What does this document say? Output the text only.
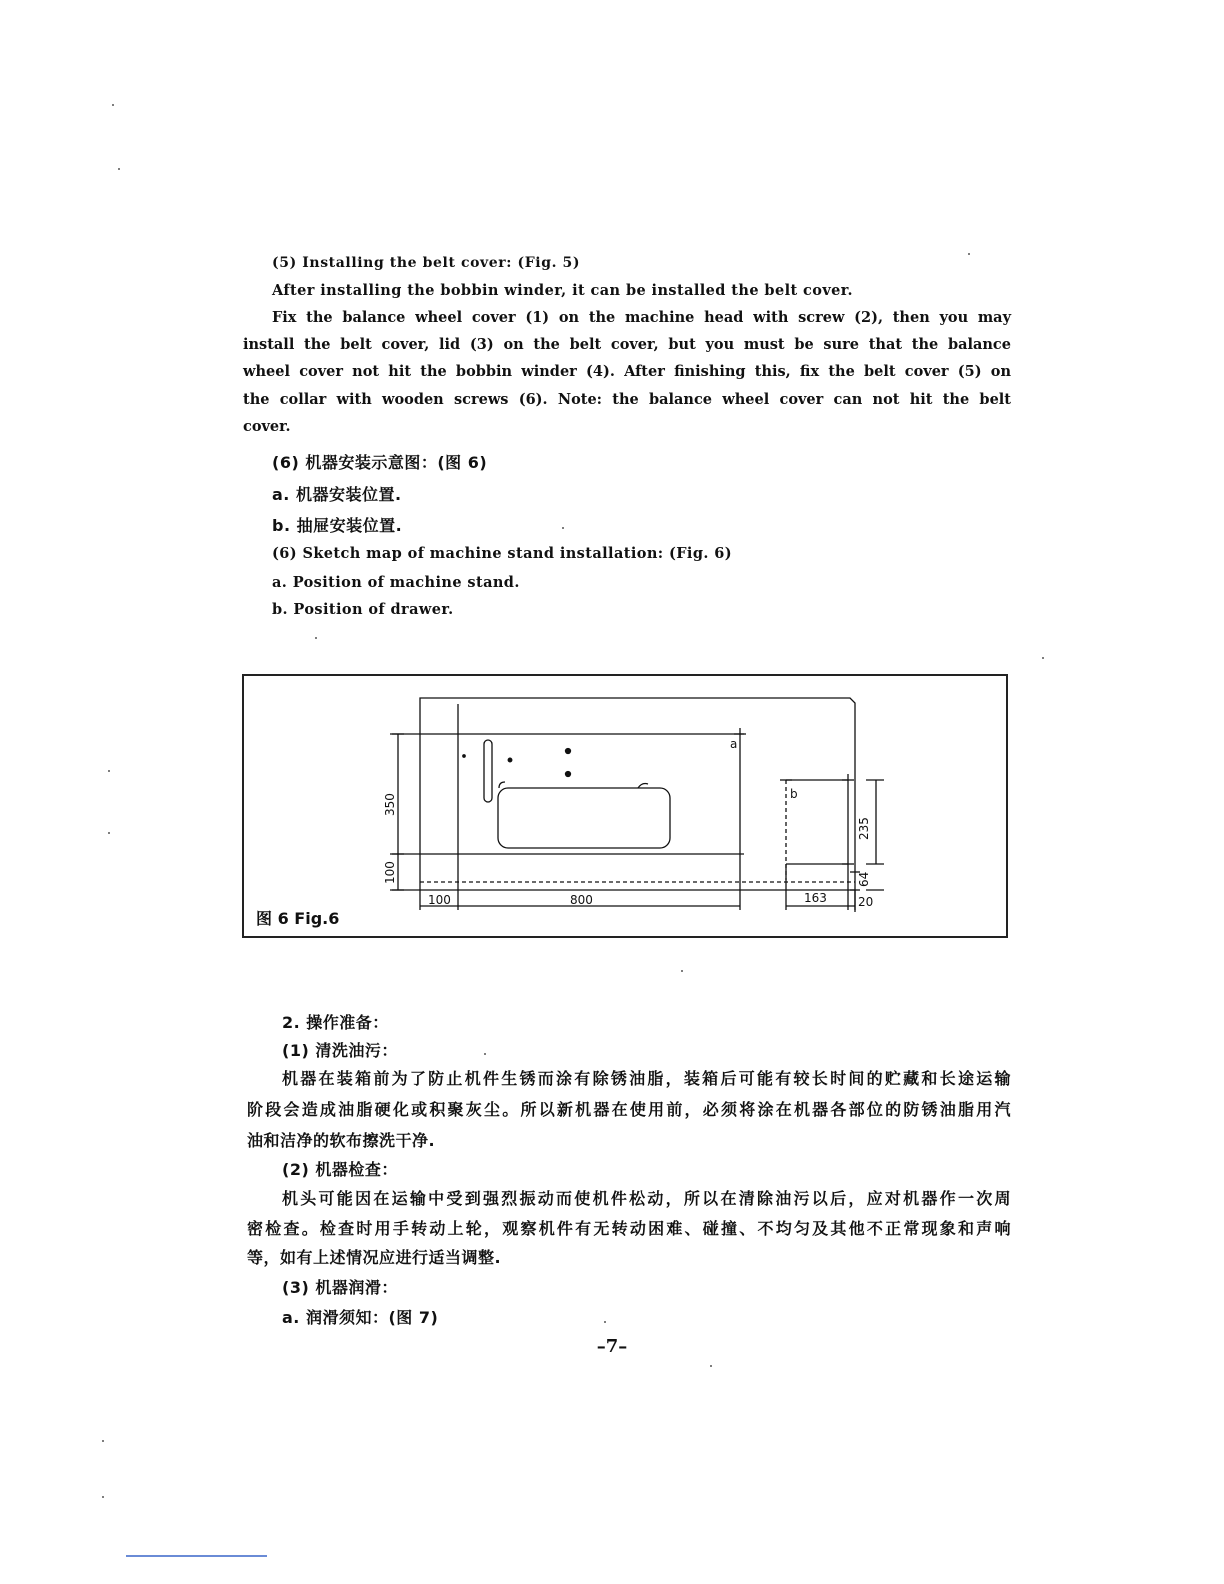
(5) Installing the belt cover: (Fig. 5)
After installing the bobbin winder, it can be installed the belt cover.
Fix the balance wheel cover (1) on the machine head with screw (2), then you may
install the belt cover, lid (3) on the belt cover, but you must be sure that the balance
wheel cover not hit the bobbin winder (4). After finishing this, fix the belt cover (5) on
the collar with wooden screws (6). Note: the balance wheel cover can not hit the belt
cover.
(6) 机器安装示意图：(图 6)
a. 机器安装位置.
b. 抽屉安装位置.
(6) Sketch map of machine stand installation: (Fig. 6)
a. Position of machine stand.
b. Position of drawer.
a
b
350
100
235
64
100	800	163	20
图 6 Fig.6
2. 操作准备：
(1) 清洗油污：
机器在装箱前为了防止机件生锈而涂有除锈油脂，装箱后可能有较长时间的贮藏和长途运输
阶段会造成油脂硬化或积聚灰尘。所以新机器在使用前，必须将涂在机器各部位的防锈油脂用汽
油和洁净的软布擦洗干净.
(2) 机器检查：
机头可能因在运输中受到强烈振动而使机件松动，所以在清除油污以后，应对机器作一次周
密检查。检查时用手转动上轮，观察机件有无转动困难、碰撞、不均匀及其他不正常现象和声响
等，如有上述情况应进行适当调整.
(3) 机器润滑：
a. 润滑须知：(图 7)
–7–
